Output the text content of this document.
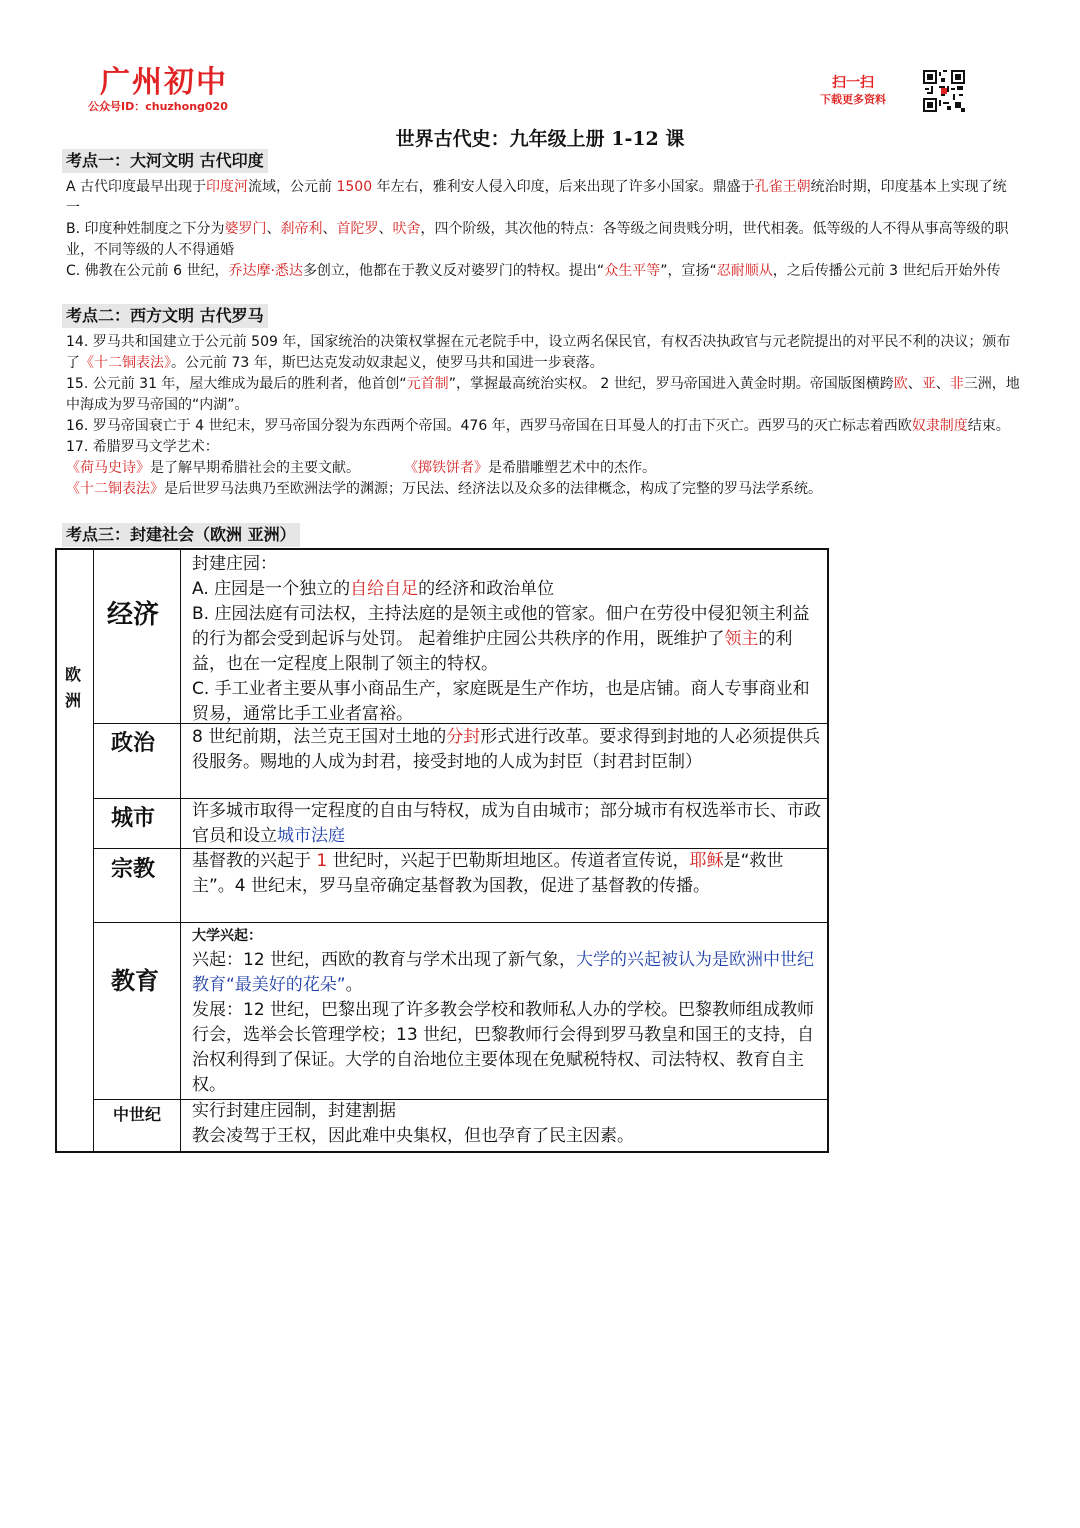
广州初中
公众号ID：chuzhong020
扫一扫
下载更多资料
世界古代史：九年级上册 1-12 课
考点一：大河文明 古代印度

A 古代印度最早出现于印度河流域，公元前 1500 年左右，雅利安人侵入印度，后来出现了许多小国家。鼎盛于孔雀王朝统治时期，印度基本上实现了统一

B. 印度种姓制度之下分为婆罗门、刹帝利、首陀罗、吠舍，四个阶级，其次他的特点：各等级之间贵贱分明，世代相袭。低等级的人不得从事高等级的职业，不同等级的人不得通婚

C. 佛教在公元前 6 世纪，乔达摩·悉达多创立，他都在于教义反对婆罗门的特权。提出“众生平等”，宣扬“忍耐顺从，之后传播公元前 3 世纪后开始外传

考点二：西方文明 古代罗马

14. 罗马共和国建立于公元前 509 年，国家统治的决策权掌握在元老院手中，设立两名保民官，有权否决执政官与元老院提出的对平民不利的决议；颁布了《十二铜表法》。公元前 73 年，斯巴达克发动奴隶起义，使罗马共和国进一步衰落。

15. 公元前 31 年，屋大维成为最后的胜利者，他首创“元首制”，掌握最高统治实权。 2 世纪，罗马帝国进入黄金时期。帝国版图横跨欧、亚、非三洲，地中海成为罗马帝国的“内湖”。

16. 罗马帝国衰亡于 4 世纪末，罗马帝国分裂为东西两个帝国。476 年，西罗马帝国在日耳曼人的打击下灭亡。西罗马的灭亡标志着西欧奴隶制度结束。

17. 希腊罗马文学艺术：

《荷马史诗》是了解早期希腊社会的主要文献。	《掷铁饼者》是希腊雕塑艺术中的杰作。

《十二铜表法》是后世罗马法典乃至欧洲法学的渊源；万民法、经济法以及众多的法律概念，构成了完整的罗马法学系统。

考点三：封建社会（欧洲 亚洲）
欧洲
经济

封建庄园：

A. 庄园是一个独立的自给自足的经济和政治单位

B. 庄园法庭有司法权，主持法庭的是领主或他的管家。佃户在劳役中侵犯领主利益的行为都会受到起诉与处罚。 起着维护庄园公共秩序的作用，既维护了领主的利益，也在一定程度上限制了领主的特权。

C. 手工业者主要从事小商品生产，家庭既是生产作坊，也是店铺。商人专事商业和贸易，通常比手工业者富裕。

政治 8 世纪前期，法兰克王国对土地的分封形式进行改革。要求得到封地的人必须提供兵役服务。赐地的人成为封君，接受封地的人成为封臣（封君封臣制）

城市 许多城市取得一定程度的自由与特权，成为自由城市；部分城市有权选举市长、市政官员和设立城市法庭

宗教 基督教的兴起于 1 世纪时，兴起于巴勒斯坦地区。传道者宣传说，耶稣是“救世主”。4 世纪末，罗马皇帝确定基督教为国教，促进了基督教的传播。

教育

大学兴起：

兴起：12 世纪，西欧的教育与学术出现了新气象，大学的兴起被认为是欧洲中世纪教育“最美好的花朵”。

发展：12 世纪，巴黎出现了许多教会学校和教师私人办的学校。巴黎教师组成教师行会，选举会长管理学校；13 世纪，巴黎教师行会得到罗马教皇和国王的支持，自治权利得到了保证。大学的自治地位主要体现在免赋税特权、司法特权、教育自主权。

中世纪 实行封建庄园制，封建割据

教会凌驾于王权，因此难中央集权，但也孕育了民主因素。
